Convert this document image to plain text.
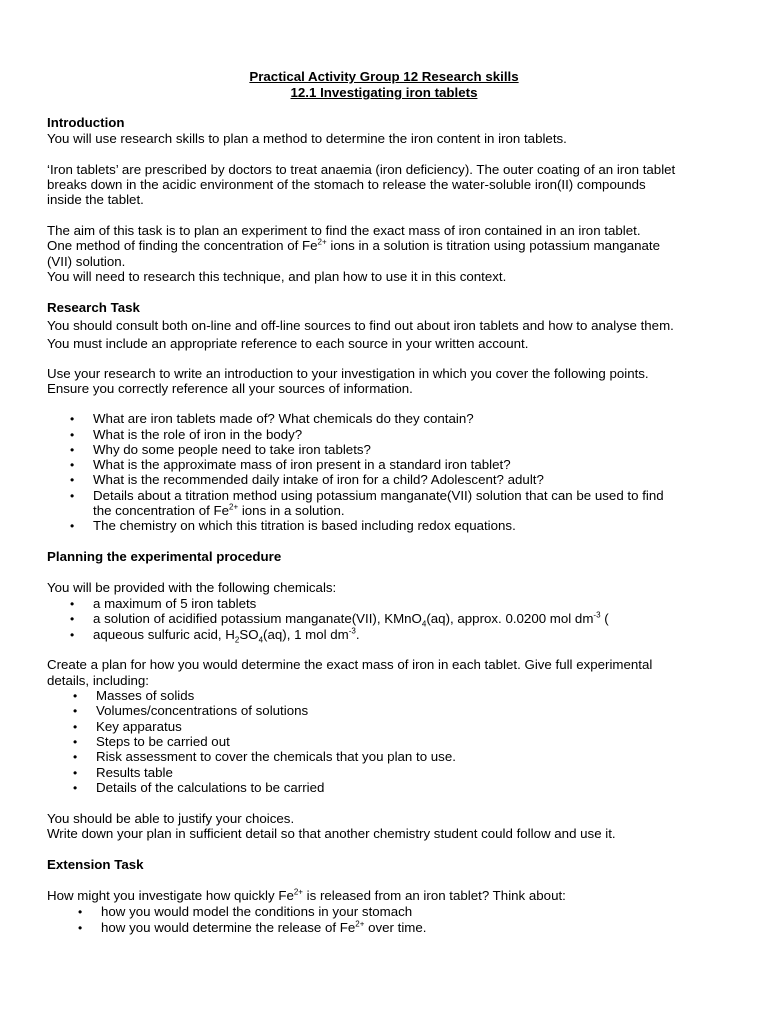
Practical Activity Group 12 Research skills
12.1 Investigating iron tablets
Introduction
You will use research skills to plan a method to determine the iron content in iron tablets.
‘Iron tablets’ are prescribed by doctors to treat anaemia (iron deficiency). The outer coating of an iron tablet
breaks down in the acidic environment of the stomach to release the water-soluble iron(II) compounds
inside the tablet.
The aim of this task is to plan an experiment to find the exact mass of iron contained in an iron tablet.
One method of finding the concentration of $Fe^{2+}$ ions in a solution is titration using potassium manganate
(VII) solution.
You will need to research this technique, and plan how to use it in this context.
Research Task
You should consult both on-line and off-line sources to find out about iron tablets and how to analyse them.
You must include an appropriate reference to each source in your written account.
Use your research to write an introduction to your investigation in which you cover the following points.
Ensure you correctly reference all your sources of information.
• What are iron tablets made of? What chemicals do they contain?
• What is the role of iron in the body?
• Why do some people need to take iron tablets?
• What is the approximate mass of iron present in a standard iron tablet?
• What is the recommended daily intake of iron for a child? Adolescent? adult?
• Details about a titration method using potassium manganate(VII) solution that can be used to find
the concentration of $Fe^{2+}$ ions in a solution.
• The chemistry on which this titration is based including redox equations.
Planning the experimental procedure
You will be provided with the following chemicals:
• a maximum of 5 iron tablets
• a solution of acidified potassium manganate(VII), KMnO$_4$(aq), approx. 0.0200 mol $dm^{-3}$ (
• aqueous sulfuric acid, $H_2SO_4(aq)$, 1 mol $dm^{-3}$.
Create a plan for how you would determine the exact mass of iron in each tablet. Give full experimental
details, including:
• Masses of solids
• Volumes/concentrations of solutions
• Key apparatus
• Steps to be carried out
• Risk assessment to cover the chemicals that you plan to use.
• Results table
• Details of the calculations to be carried
You should be able to justify your choices.
Write down your plan in sufficient detail so that another chemistry student could follow and use it.
Extension Task
How might you investigate how quickly $Fe^{2+}$ is released from an iron tablet? Think about:
• how you would model the conditions in your stomach
• how you would determine the release of $Fe^{2+}$ over time.
